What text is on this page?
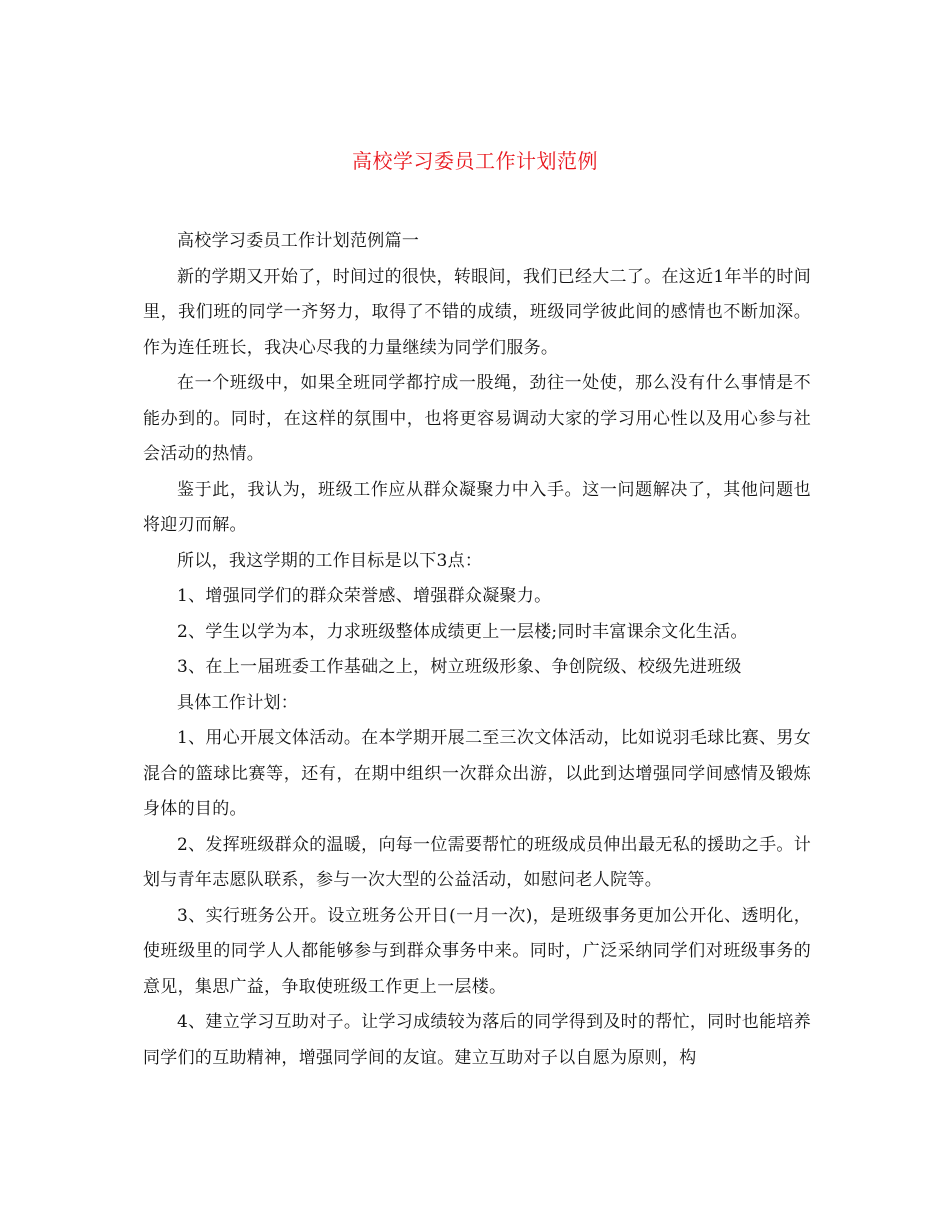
高校学习委员工作计划范例

高校学习委员工作计划范例篇一

新的学期又开始了，时间过的很快，转眼间，我们已经大二了。在这近1年半的时间里，我们班的同学一齐努力，取得了不错的成绩，班级同学彼此间的感情也不断加深。作为连任班长，我决心尽我的力量继续为同学们服务。

在一个班级中，如果全班同学都拧成一股绳，劲往一处使，那么没有什么事情是不能办到的。同时，在这样的氛围中，也将更容易调动大家的学习用心性以及用心参与社会活动的热情。

鉴于此，我认为，班级工作应从群众凝聚力中入手。这一问题解决了，其他问题也将迎刃而解。

所以，我这学期的工作目标是以下3点：

1、增强同学们的群众荣誉感、增强群众凝聚力。

2、学生以学为本，力求班级整体成绩更上一层楼;同时丰富课余文化生活。

3、在上一届班委工作基础之上，树立班级形象、争创院级、校级先进班级

具体工作计划：

1、用心开展文体活动。在本学期开展二至三次文体活动，比如说羽毛球比赛、男女混合的篮球比赛等，还有，在期中组织一次群众出游，以此到达增强同学间感情及锻炼身体的目的。

2、发挥班级群众的温暖，向每一位需要帮忙的班级成员伸出最无私的援助之手。计划与青年志愿队联系，参与一次大型的公益活动，如慰问老人院等。

3、实行班务公开。设立班务公开日(一月一次)，是班级事务更加公开化、透明化，使班级里的同学人人都能够参与到群众事务中来。同时，广泛采纳同学们对班级事务的意见，集思广益，争取使班级工作更上一层楼。

4、建立学习互助对子。让学习成绩较为落后的同学得到及时的帮忙，同时也能培养同学们的互助精神，增强同学间的友谊。建立互助对子以自愿为原则，构
